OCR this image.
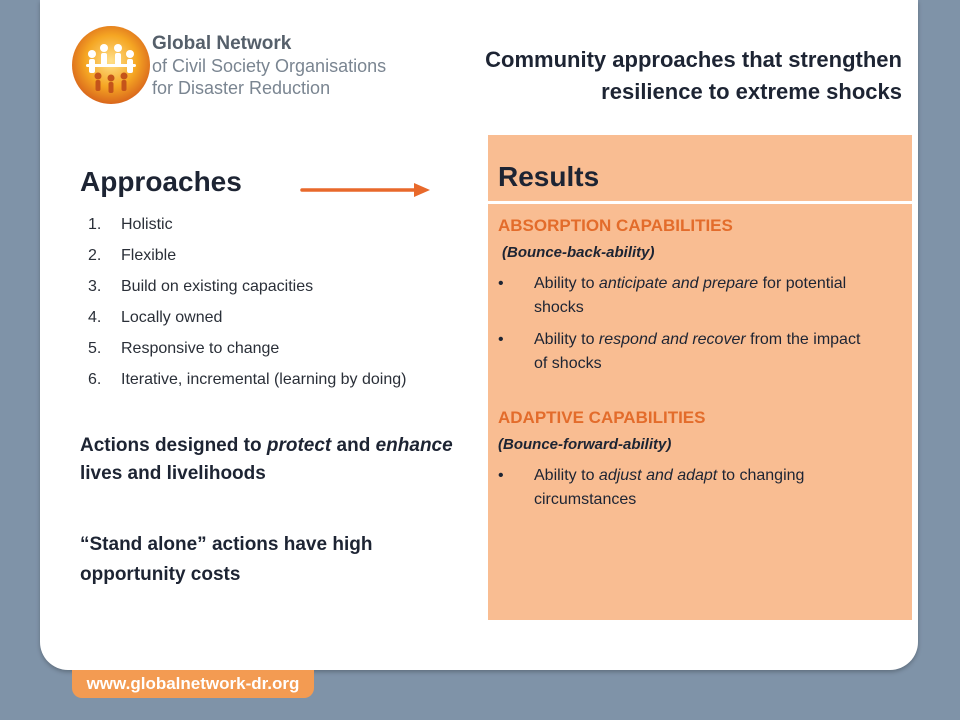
Global Network
of Civil Society Organisations
for Disaster Reduction
Community approaches that strengthen
resilience to extreme shocks
Approaches
1. Holistic
2. Flexible
3. Build on existing capacities
4. Locally owned
5. Responsive to change
6. Iterative, incremental (learning by doing)
Actions designed to protect and enhance lives and livelihoods
“Stand alone” actions have high opportunity costs
Results
ABSORPTION CAPABILITIES
(Bounce-back-ability)
• Ability to anticipate and prepare for potential shocks
• Ability to respond and recover from the impact of shocks
ADAPTIVE CAPABILITIES
(Bounce-forward-ability)
• Ability to adjust and adapt to changing circumstances
www.globalnetwork-dr.org
